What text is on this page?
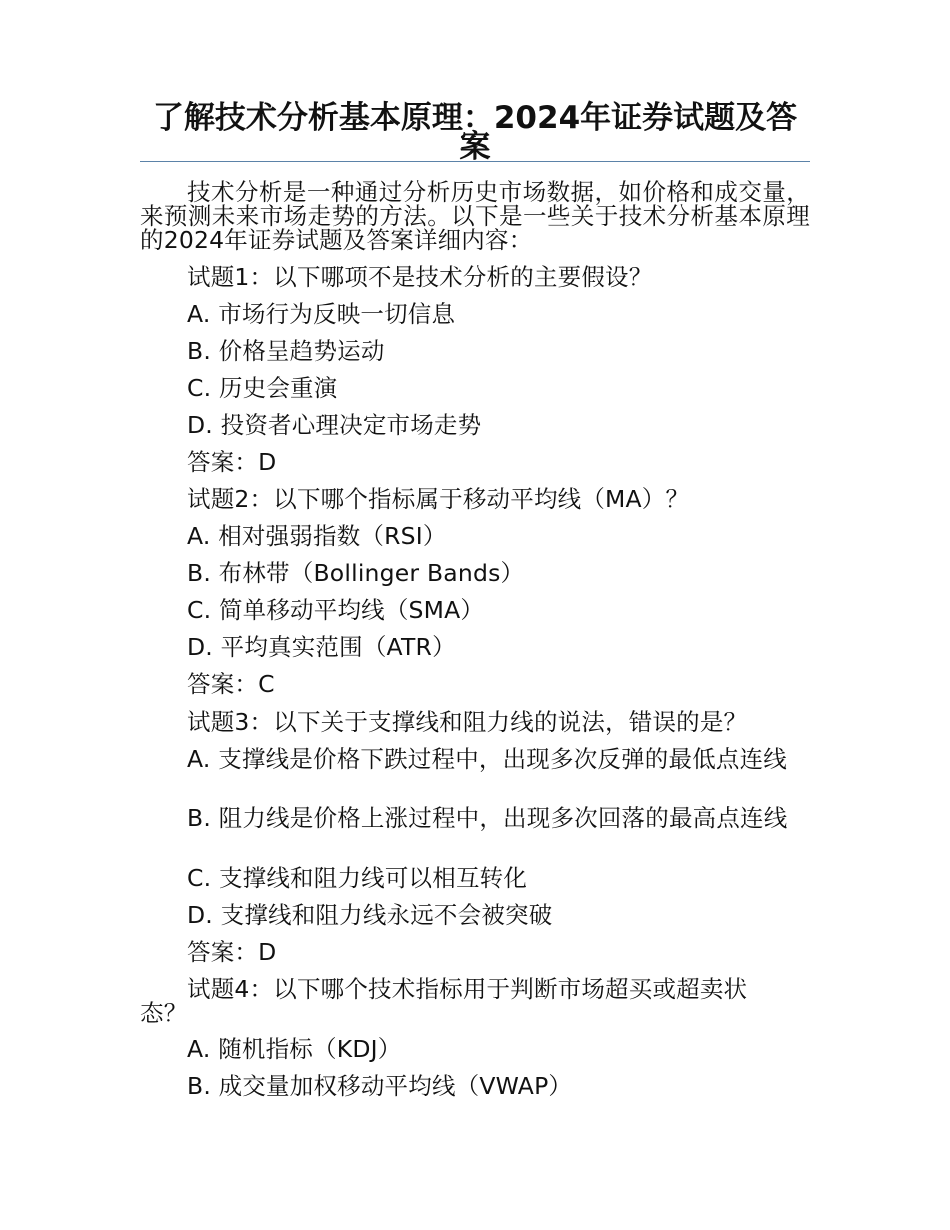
了解技术分析基本原理：2024年证券试题及答案
技术分析是一种通过分析历史市场数据，如价格和成交量，来预测未来市场走势的方法。以下是一些关于技术分析基本原理的2024年证券试题及答案详细内容：
试题1：以下哪项不是技术分析的主要假设？
A. 市场行为反映一切信息
B. 价格呈趋势运动
C. 历史会重演
D. 投资者心理决定市场走势
答案：D
试题2：以下哪个指标属于移动平均线（MA）？
A. 相对强弱指数（RSI）
B. 布林带（Bollinger Bands）
C. 简单移动平均线（SMA）
D. 平均真实范围（ATR）
答案：C
试题3：以下关于支撑线和阻力线的说法，错误的是？
A. 支撑线是价格下跌过程中，出现多次反弹的最低点连线
B. 阻力线是价格上涨过程中，出现多次回落的最高点连线
C. 支撑线和阻力线可以相互转化
D. 支撑线和阻力线永远不会被突破
答案：D
试题4：以下哪个技术指标用于判断市场超买或超卖状态？
A. 随机指标（KDJ）
B. 成交量加权移动平均线（VWAP）
